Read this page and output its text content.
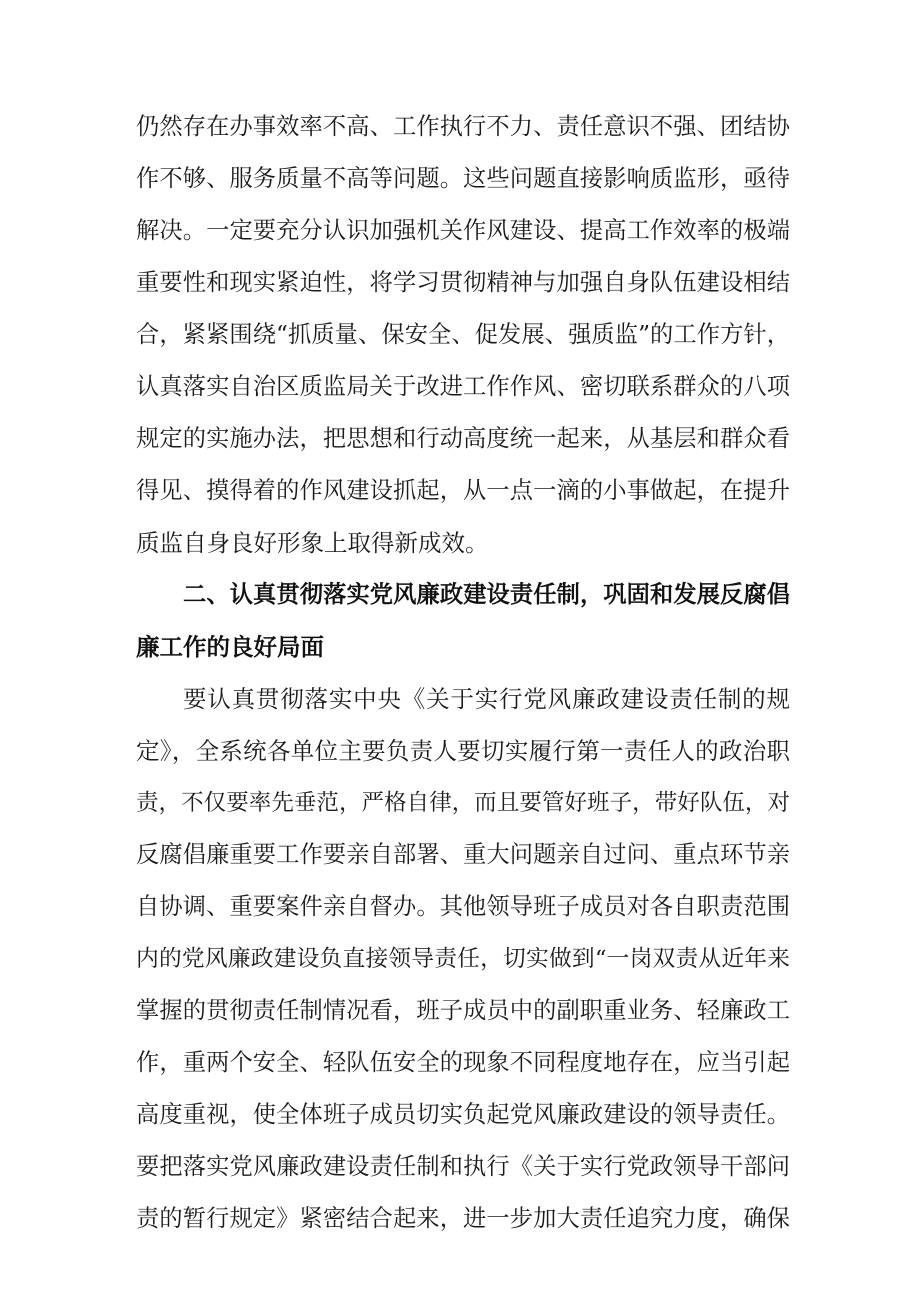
仍然存在办事效率不高、工作执行不力、责任意识不强、团结协
作不够、服务质量不高等问题。这些问题直接影响质监形，亟待
解决。一定要充分认识加强机关作风建设、提高工作效率的极端
重要性和现实紧迫性，将学习贯彻精神与加强自身队伍建设相结
合，紧紧围绕“抓质量、保安全、促发展、强质监”的工作方针，
认真落实自治区质监局关于改进工作作风、密切联系群众的八项
规定的实施办法，把思想和行动高度统一起来，从基层和群众看
得见、摸得着的作风建设抓起，从一点一滴的小事做起，在提升
质监自身良好形象上取得新成效。
二、认真贯彻落实党风廉政建设责任制，巩固和发展反腐倡
廉工作的良好局面
要认真贯彻落实中央《关于实行党风廉政建设责任制的规
定》，全系统各单位主要负责人要切实履行第一责任人的政治职
责，不仅要率先垂范，严格自律，而且要管好班子，带好队伍，对
反腐倡廉重要工作要亲自部署、重大问题亲自过问、重点环节亲
自协调、重要案件亲自督办。其他领导班子成员对各自职责范围
内的党风廉政建设负直接领导责任，切实做到“一岗双责从近年来
掌握的贯彻责任制情况看，班子成员中的副职重业务、轻廉政工
作，重两个安全、轻队伍安全的现象不同程度地存在，应当引起
高度重视，使全体班子成员切实负起党风廉政建设的领导责任。
要把落实党风廉政建设责任制和执行《关于实行党政领导干部问
责的暂行规定》紧密结合起来，进一步加大责任追究力度，确保
